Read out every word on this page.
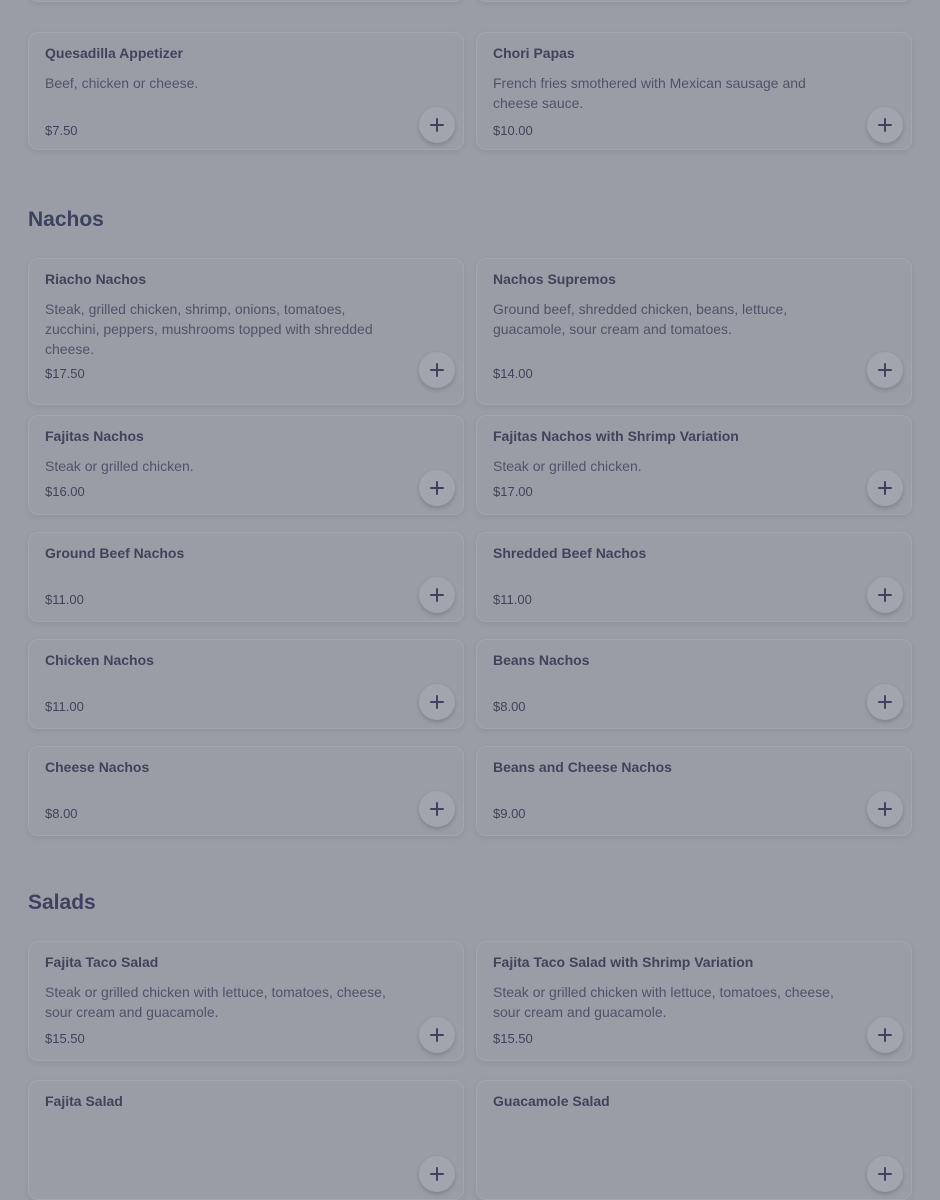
Quesadilla Appetizer
Beef, chicken or cheese.
$7.50
Chori Papas
French fries smothered with Mexican sausage and cheese sauce.
$10.00
Nachos
Riacho Nachos
Steak, grilled chicken, shrimp, onions, tomatoes, zucchini, peppers, mushrooms topped with shredded cheese.
$17.50
Nachos Supremos
Ground beef, shredded chicken, beans, lettuce, guacamole, sour cream and tomatoes.
$14.00
Fajitas Nachos
Steak or grilled chicken.
$16.00
Fajitas Nachos with Shrimp Variation
Steak or grilled chicken.
$17.00
Ground Beef Nachos
$11.00
Shredded Beef Nachos
$11.00
Chicken Nachos
$11.00
Beans Nachos
$8.00
Cheese Nachos
$8.00
Beans and Cheese Nachos
$9.00
Salads
Fajita Taco Salad
Steak or grilled chicken with lettuce, tomatoes, cheese, sour cream and guacamole.
$15.50
Fajita Taco Salad with Shrimp Variation
Steak or grilled chicken with lettuce, tomatoes, cheese, sour cream and guacamole.
$15.50
Fajita Salad	Guacamole Salad
